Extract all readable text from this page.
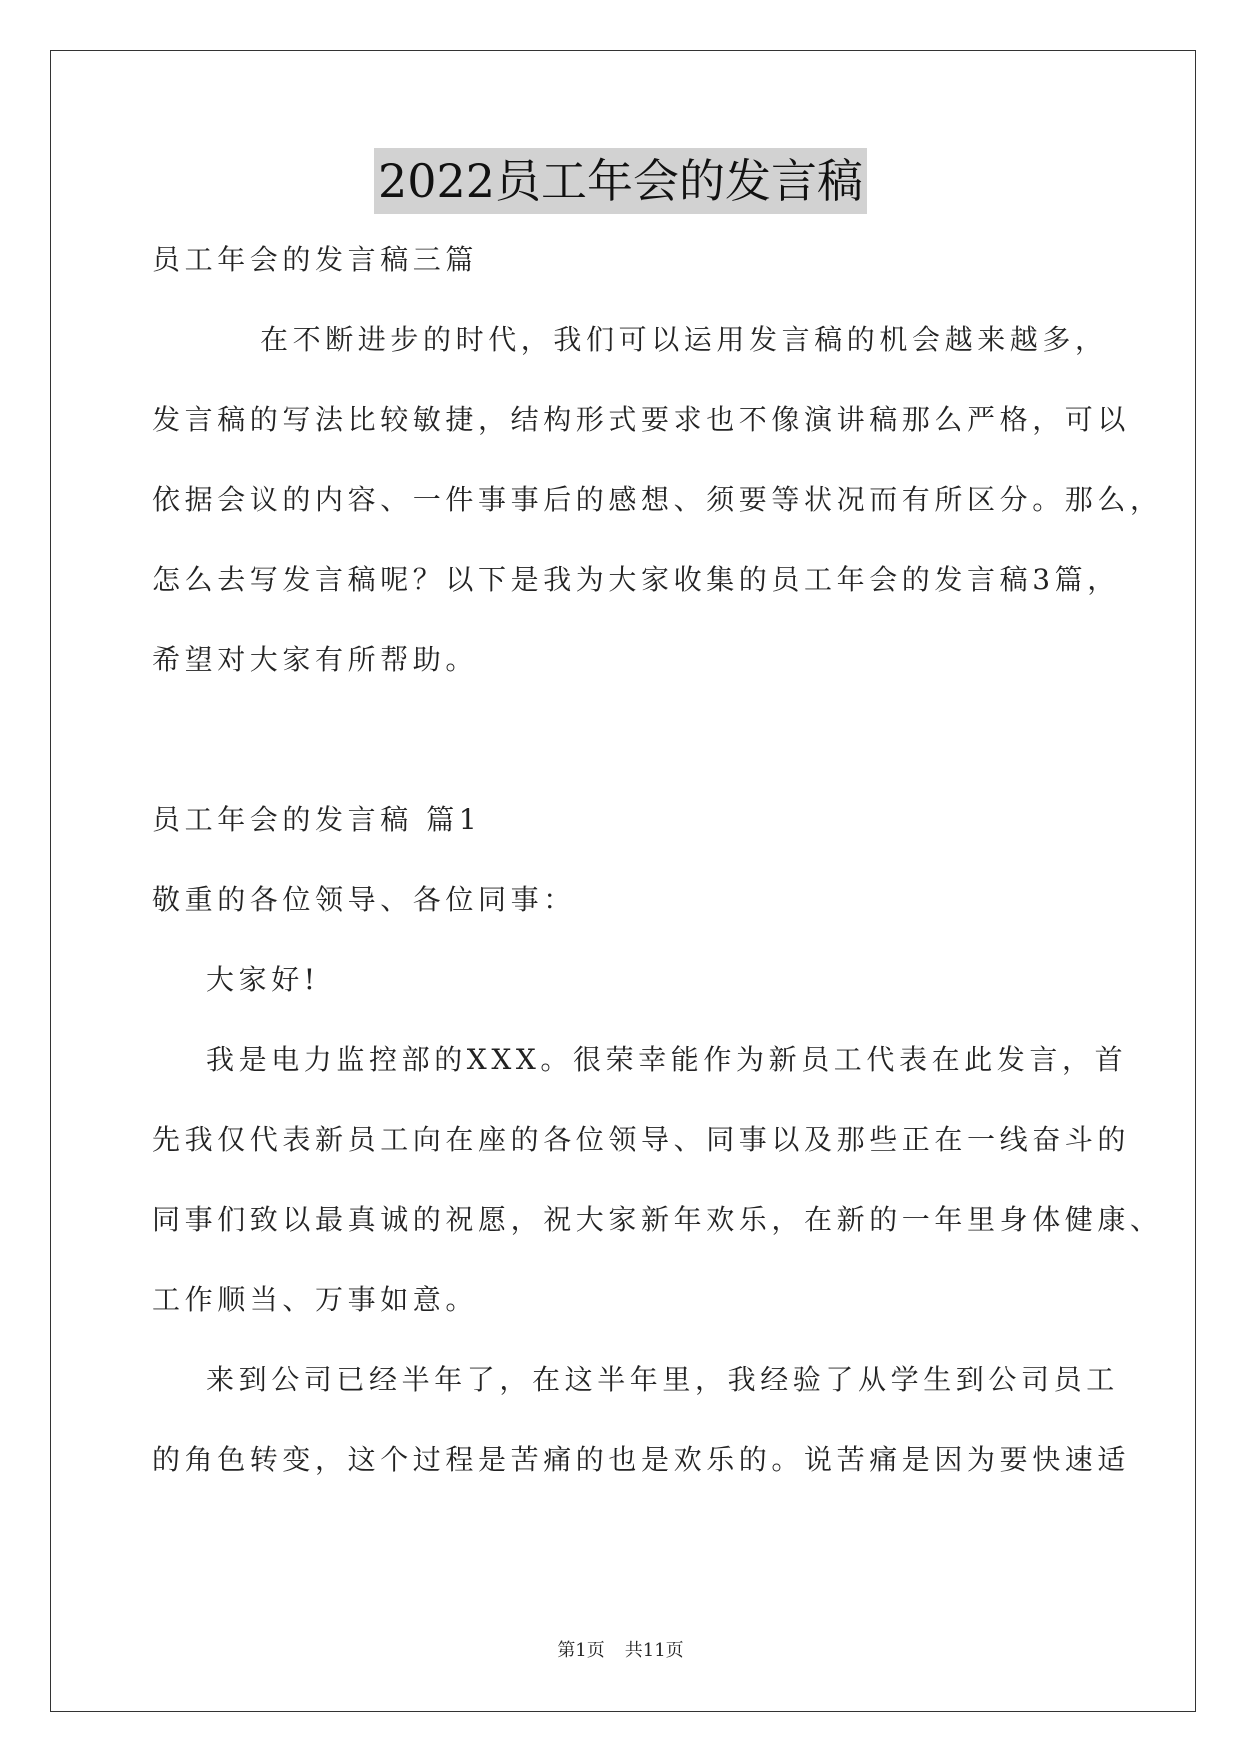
2022员工年会的发言稿
员工年会的发言稿三篇
在不断进步的时代，我们可以运用发言稿的机会越来越多，
发言稿的写法比较敏捷，结构形式要求也不像演讲稿那么严格，可以
依据会议的内容、一件事事后的感想、须要等状况而有所区分。那么，
怎么去写发言稿呢？以下是我为大家收集的员工年会的发言稿3篇，
希望对大家有所帮助。
员工年会的发言稿 篇1
敬重的各位领导、各位同事：
大家好!
我是电力监控部的XXX。很荣幸能作为新员工代表在此发言，首
先我仅代表新员工向在座的各位领导、同事以及那些正在一线奋斗的
同事们致以最真诚的祝愿，祝大家新年欢乐，在新的一年里身体健康、
工作顺当、万事如意。
来到公司已经半年了，在这半年里，我经验了从学生到公司员工
的角色转变，这个过程是苦痛的也是欢乐的。说苦痛是因为要快速适
第1页 共11页
